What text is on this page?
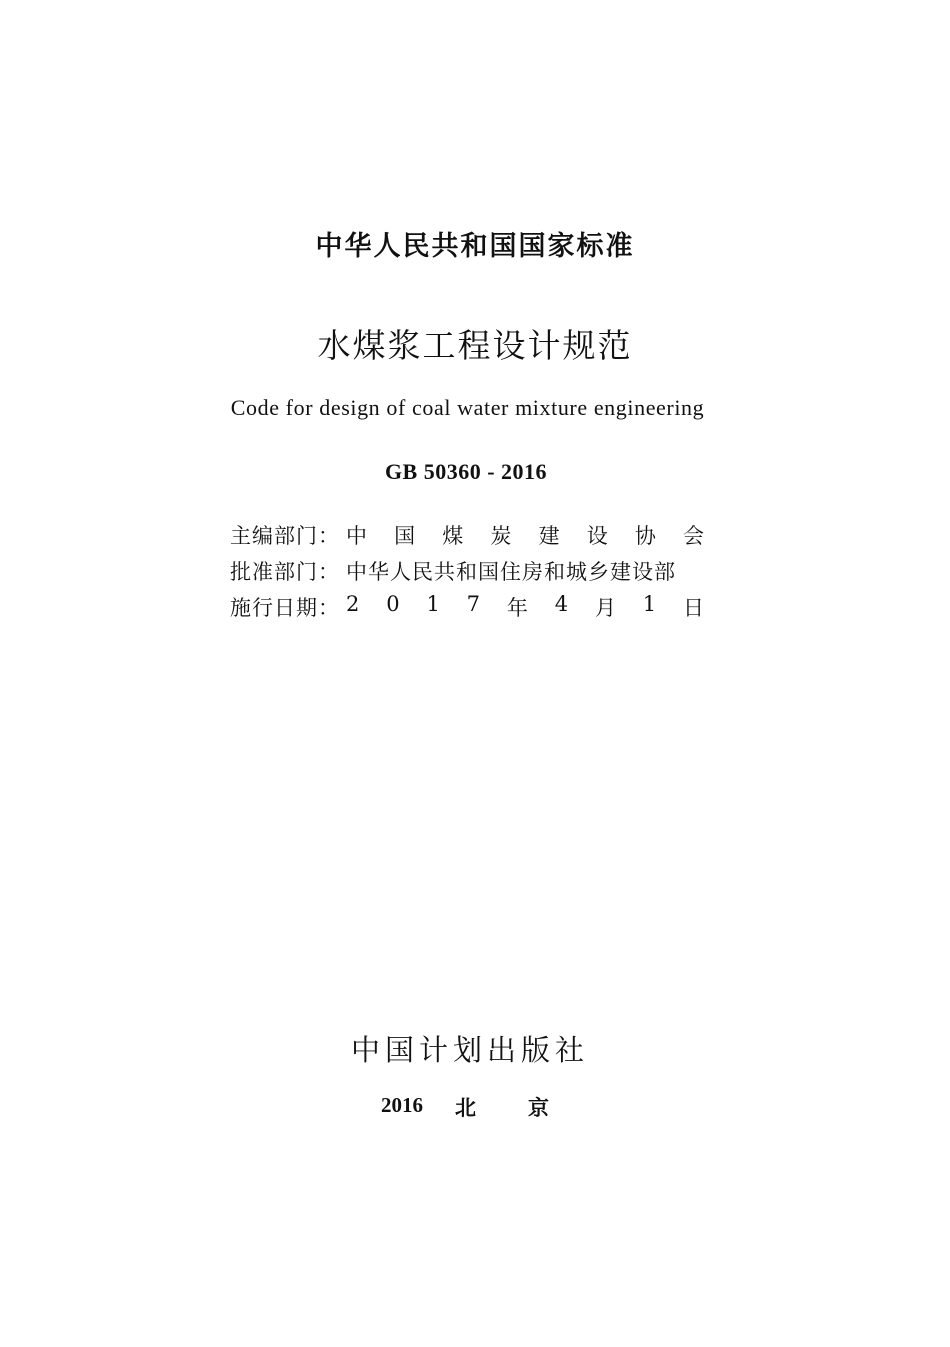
中华人民共和国国家标准
水煤浆工程设计规范
Code for design of coal water mixture engineering
GB 50360 - 2016
主编部门： 中 国 煤 炭 建 设 协 会
批准部门： 中华人民共和国住房和城乡建设部
施行日期： 2 0 1 7 年 4 月 1 日
中国计划出版社
2016 北 京
